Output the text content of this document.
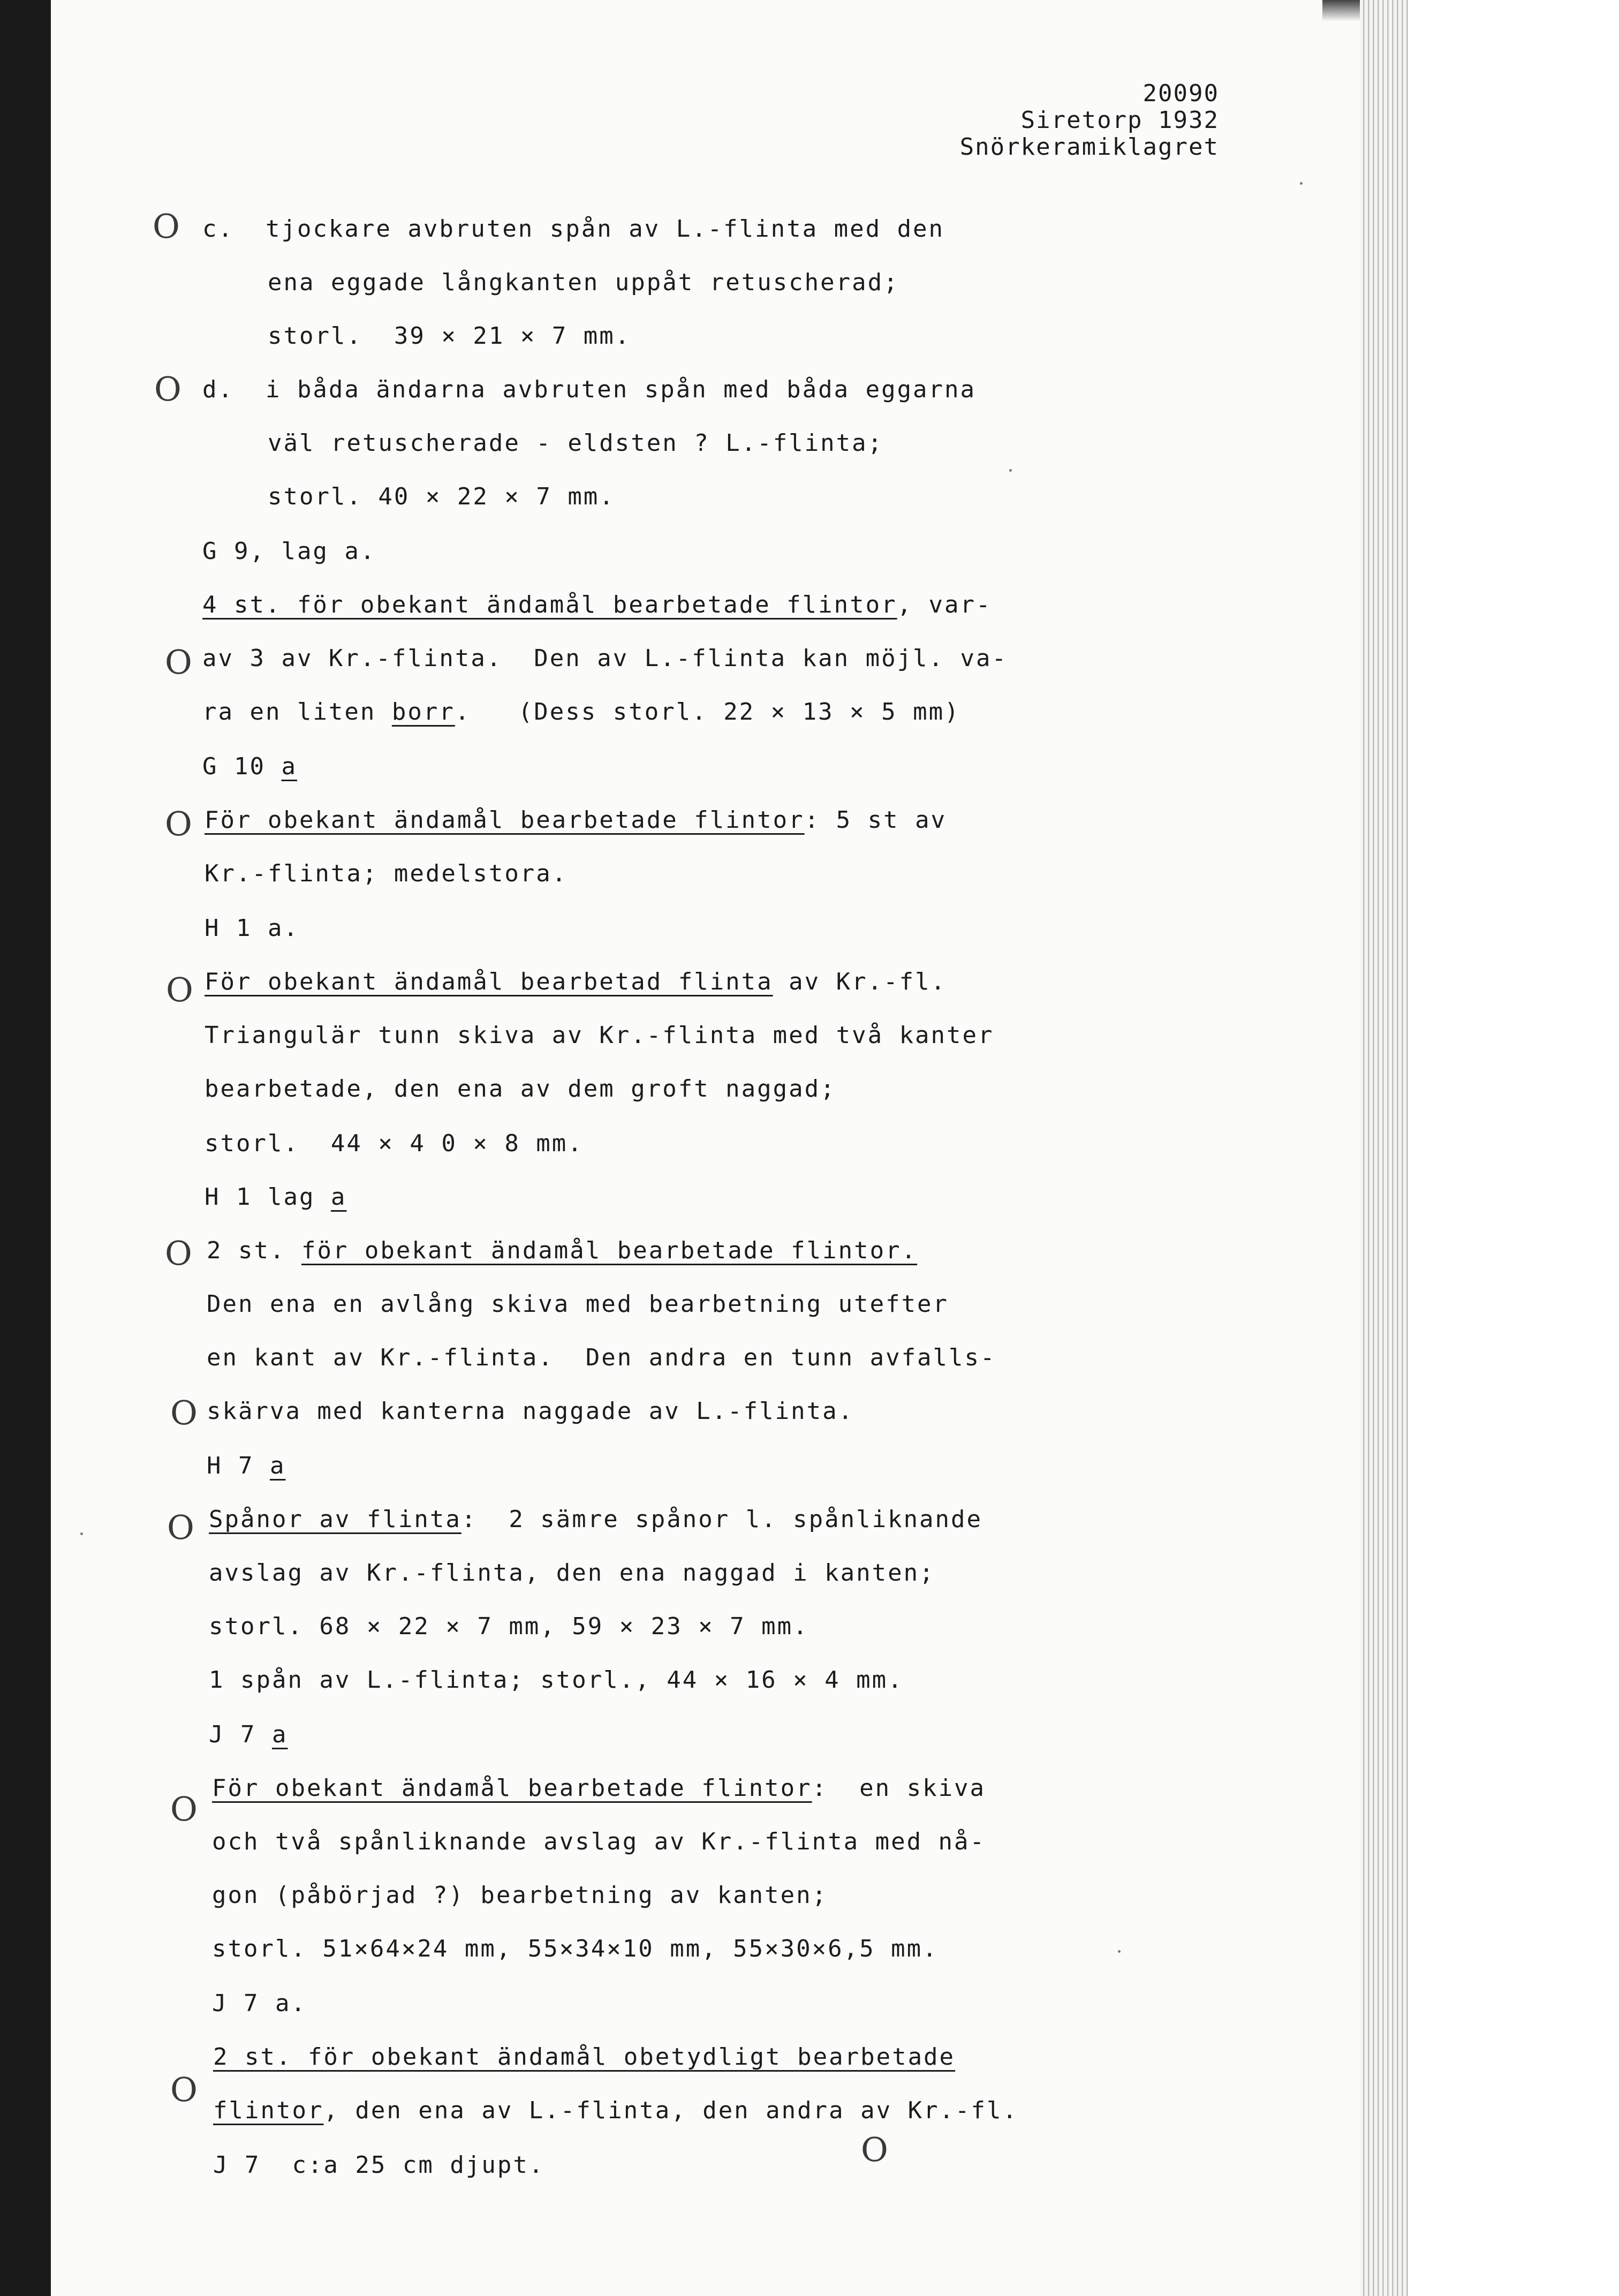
20090
Siretorp 1932
Snörkeramiklagret
O
O
O
O
O
O
O
O
O
O
O
c.  tjockare avbruten spån av L.-flinta med den
ena eggade långkanten uppåt retuscherad;
storl.  39 × 21 × 7 mm.
d.  i båda ändarna avbruten spån med båda eggarna
väl retuscherade - eldsten ? L.-flinta;
storl. 40 × 22 × 7 mm.
G 9, lag a.
4 st. för obekant ändamål bearbetade flintor, var-
av 3 av Kr.-flinta.  Den av L.-flinta kan möjl. va-
ra en liten borr.   (Dess storl. 22 × 13 × 5 mm)
G 10 a
För obekant ändamål bearbetade flintor: 5 st av
Kr.-flinta; medelstora.
H 1 a.
För obekant ändamål bearbetad flinta av Kr.-fl.
Triangulär tunn skiva av Kr.-flinta med två kanter
bearbetade, den ena av dem groft naggad;
storl.  44 × 4 0 × 8 mm.
H 1 lag a
2 st. för obekant ändamål bearbetade flintor.
Den ena en avlång skiva med bearbetning utefter
en kant av Kr.-flinta.  Den andra en tunn avfalls-
skärva med kanterna naggade av L.-flinta.
H 7 a
Spånor av flinta:  2 sämre spånor l. spånliknande
avslag av Kr.-flinta, den ena naggad i kanten;
storl. 68 × 22 × 7 mm, 59 × 23 × 7 mm.
1 spån av L.-flinta; storl., 44 × 16 × 4 mm.
J 7 a
För obekant ändamål bearbetade flintor:  en skiva
och två spånliknande avslag av Kr.-flinta med nå-
gon (påbörjad ?) bearbetning av kanten;
storl. 51×64×24 mm, 55×34×10 mm, 55×30×6,5 mm.
J 7 a.
2 st. för obekant ändamål obetydligt bearbetade
flintor, den ena av L.-flinta, den andra av Kr.-fl.
J 7  c:a 25 cm djupt.
